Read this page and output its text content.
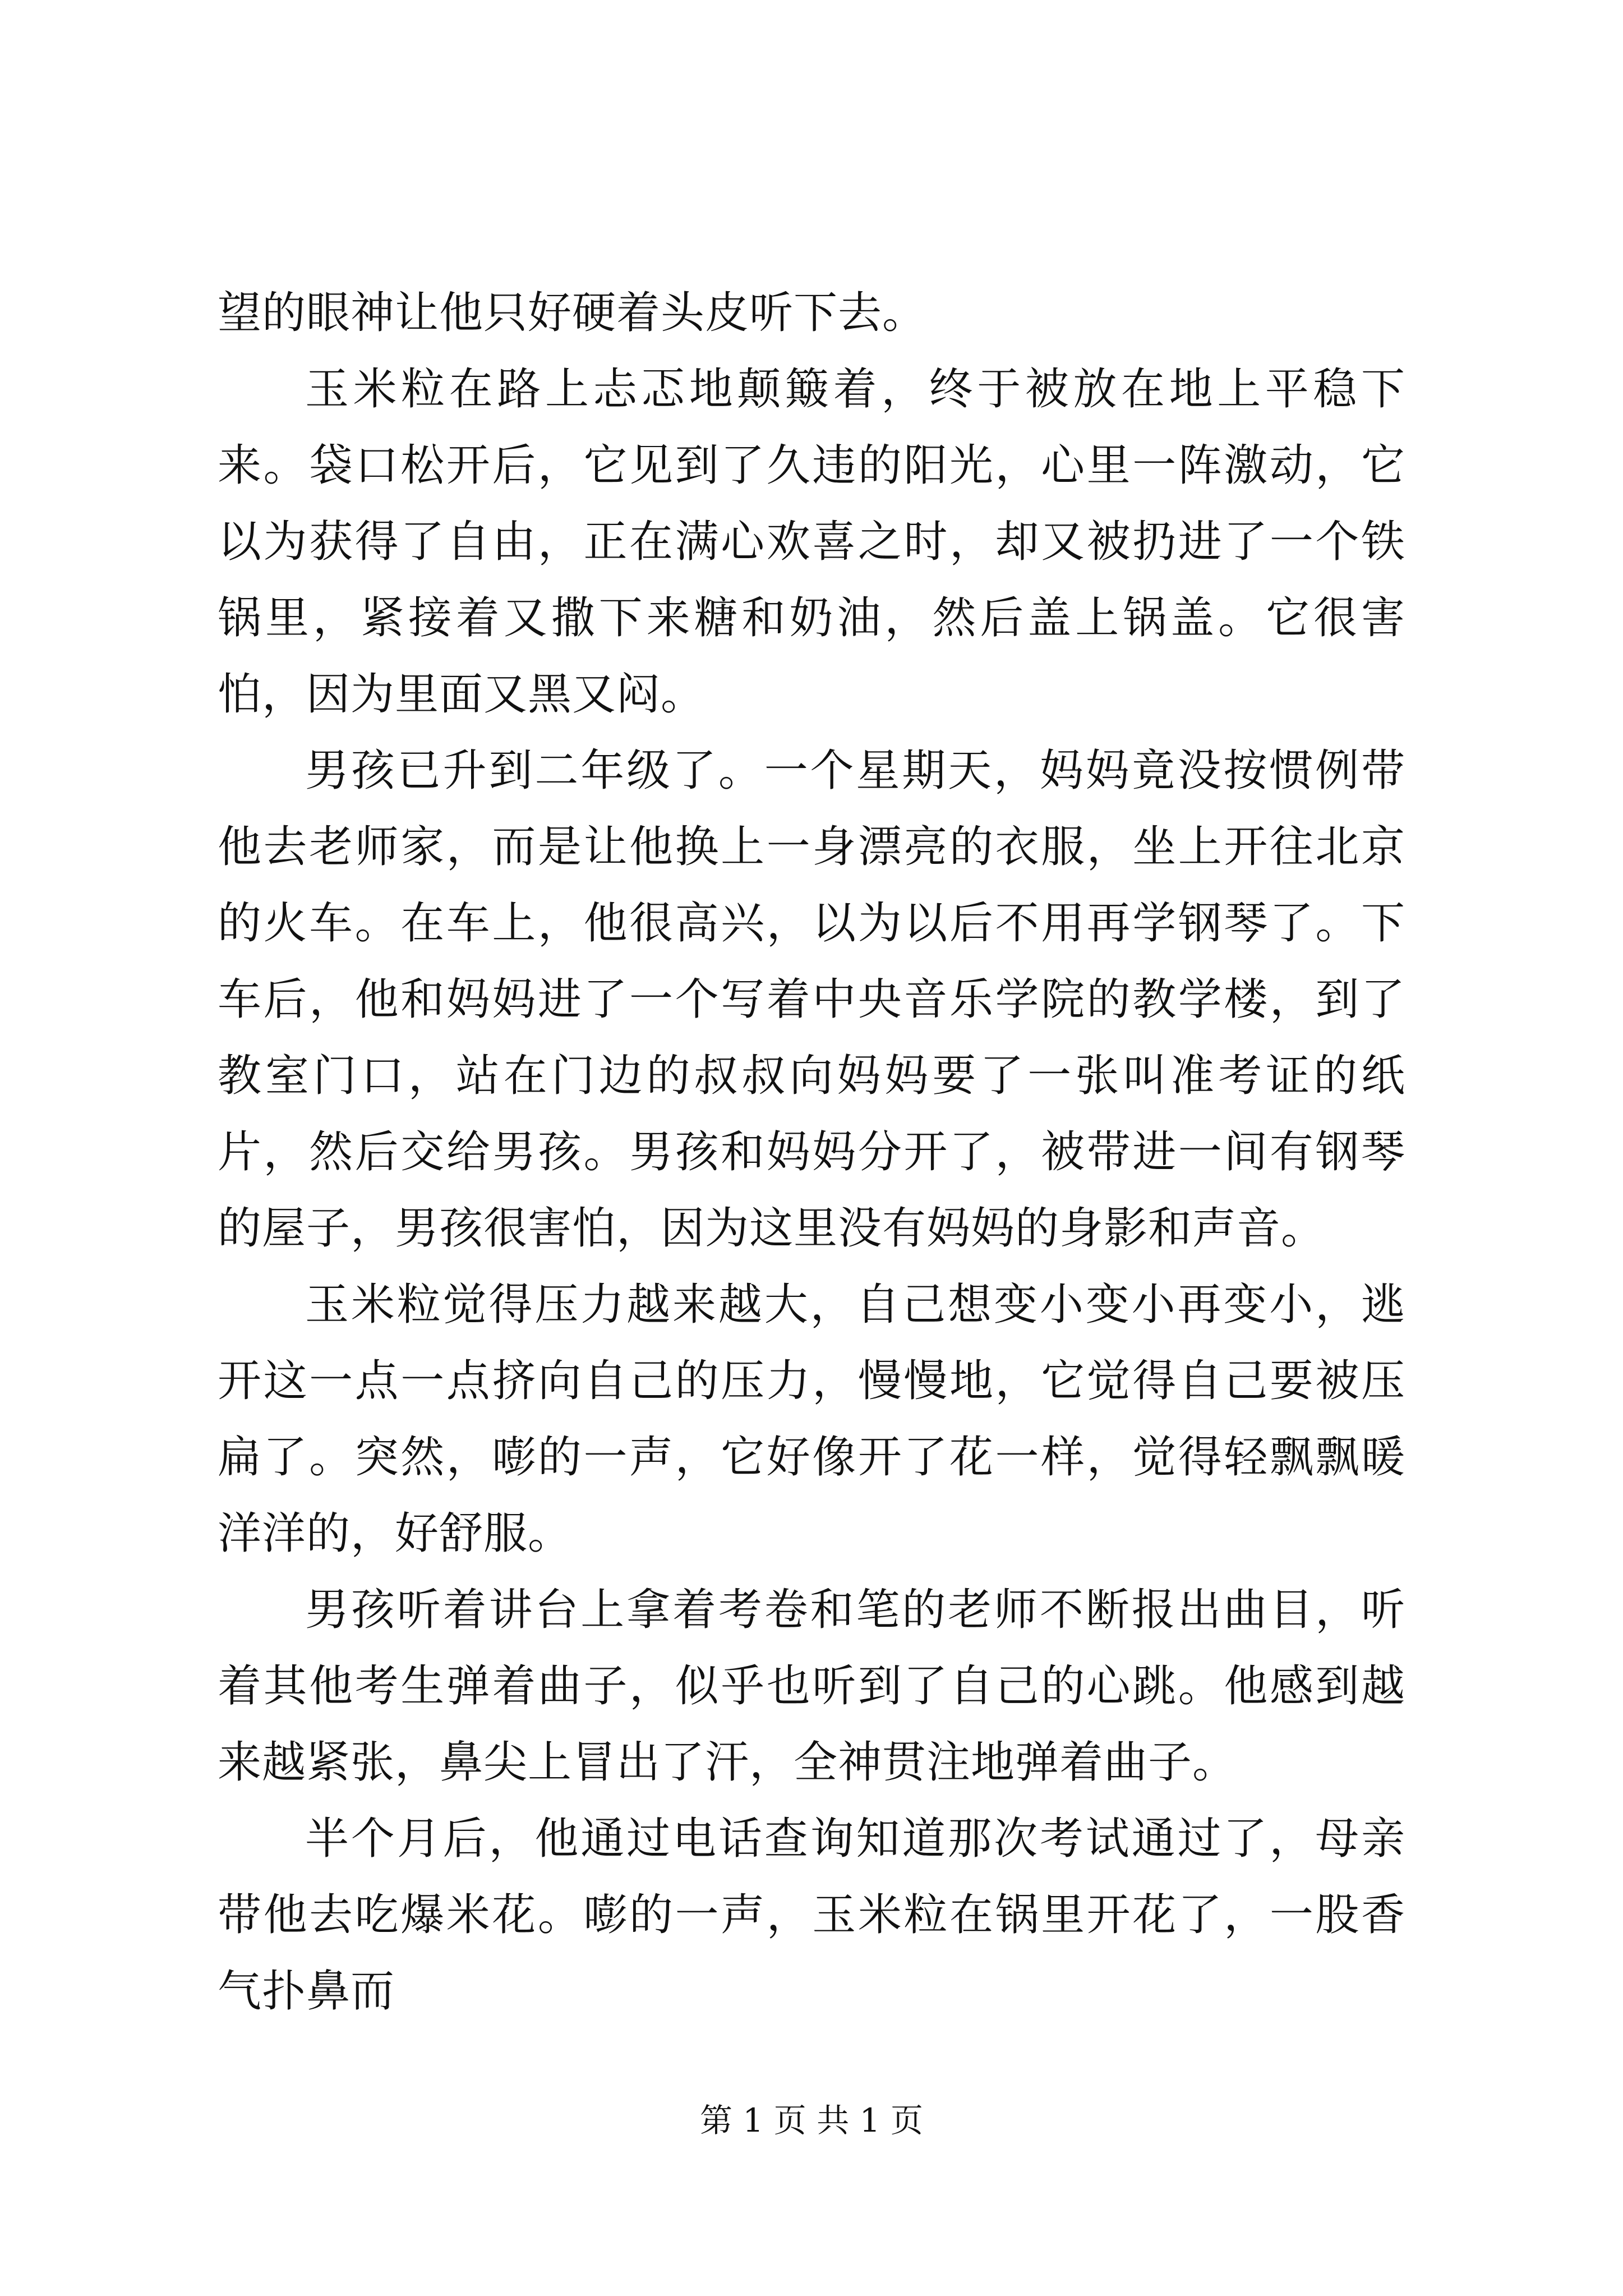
望的眼神让他只好硬着头皮听下去。

玉米粒在路上忐忑地颠簸着，终于被放在地上平稳下来。袋口松开后，它见到了久违的阳光，心里一阵激动，它以为获得了自由，正在满心欢喜之时，却又被扔进了一个铁锅里，紧接着又撒下来糖和奶油，然后盖上锅盖。它很害怕，因为里面又黑又闷。

男孩已升到二年级了。一个星期天，妈妈竟没按惯例带他去老师家，而是让他换上一身漂亮的衣服，坐上开往北京的火车。在车上，他很高兴，以为以后不用再学钢琴了。下车后，他和妈妈进了一个写着中央音乐学院的教学楼，到了教室门口，站在门边的叔叔向妈妈要了一张叫准考证的纸片，然后交给男孩。男孩和妈妈分开了，被带进一间有钢琴的屋子，男孩很害怕，因为这里没有妈妈的身影和声音。

玉米粒觉得压力越来越大，自己想变小变小再变小，逃开这一点一点挤向自己的压力，慢慢地，它觉得自己要被压扁了。突然，嘭的一声，它好像开了花一样，觉得轻飘飘暖洋洋的，好舒服。

男孩听着讲台上拿着考卷和笔的老师不断报出曲目，听着其他考生弹着曲子，似乎也听到了自己的心跳。他感到越来越紧张，鼻尖上冒出了汗，全神贯注地弹着曲子。

半个月后，他通过电话查询知道那次考试通过了，母亲带他去吃爆米花。嘭的一声，玉米粒在锅里开花了，一股香气扑鼻而

第 1 页 共 1 页
